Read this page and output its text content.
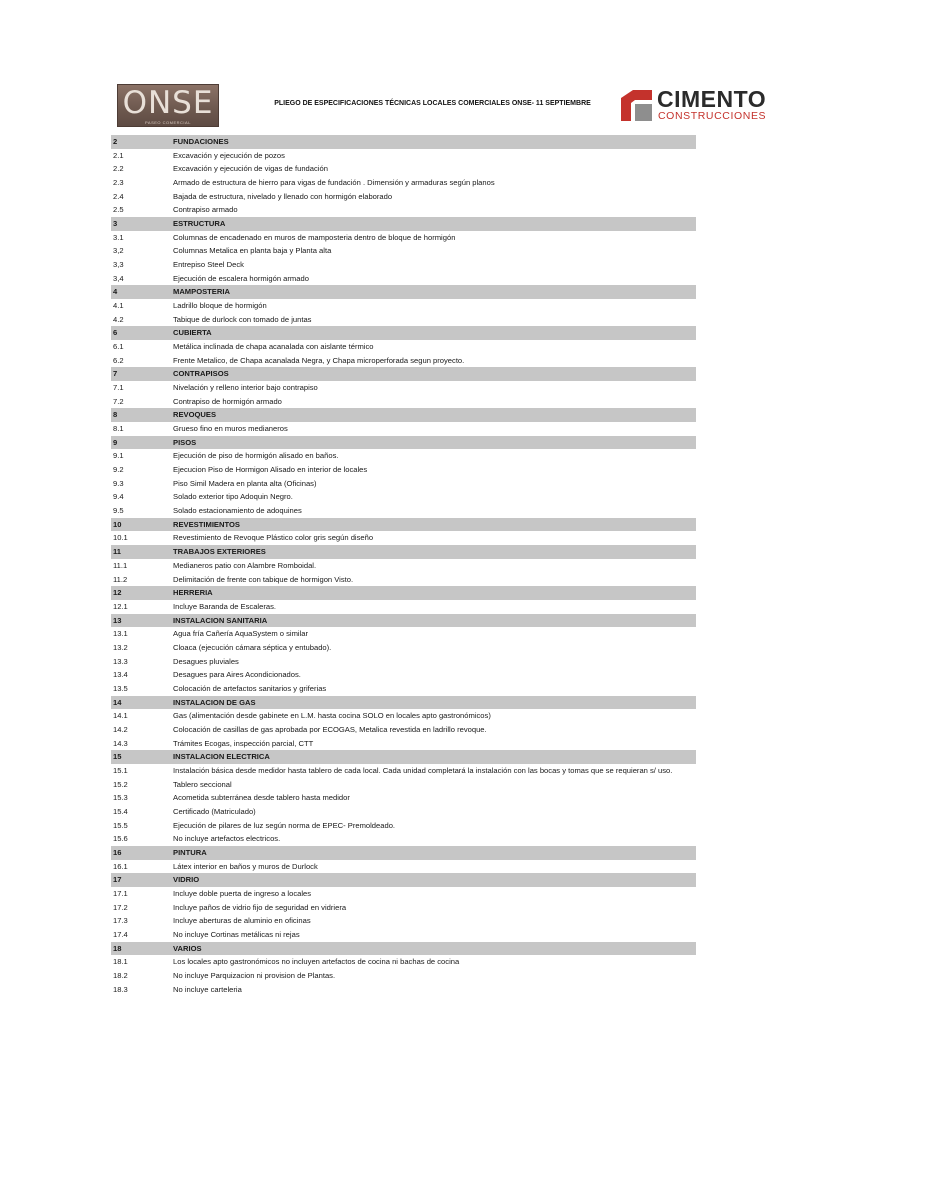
ONSE
PASEO COMERCIAL
PLIEGO DE ESPECIFICACIONES TÉCNICAS LOCALES COMERCIALES ONSE- 11 SEPTIEMBRE	CIMENTO
CONSTRUCCIONES
2	FUNDACIONES
2.1	Excavación y ejecución de pozos
2.2	Excavación y ejecución de vigas de fundación
2.3	Armado de estructura de hierro para vigas de fundación . Dimensión y armaduras según planos
2.4	Bajada de estructura, nivelado y llenado con hormigón elaborado
2.5	Contrapiso armado
3	ESTRUCTURA
3.1	Columnas de encadenado en muros de mamposteria dentro de bloque de hormigón
3,2	Columnas Metalica en planta baja y Planta alta
3,3	Entrepiso Steel Deck
3,4	Ejecución de escalera hormigón armado
4	MAMPOSTERIA
4.1	Ladrillo bloque de hormigón
4.2	Tabique de durlock con tomado de juntas
6	CUBIERTA
6.1	Metálica inclinada de chapa acanalada con aislante térmico
6.2	Frente Metalico, de Chapa acanalada Negra, y Chapa microperforada segun proyecto.
7	CONTRAPISOS
7.1	Nivelación y relleno interior bajo contrapiso
7.2	Contrapiso de hormigón armado
8	REVOQUES
8.1	Grueso fino en muros medianeros
9	PISOS
9.1	Ejecución de piso de hormigón alisado en baños.
9.2	Ejecucion Piso de Hormigon Alisado en interior de locales
9.3	Piso Simil Madera en planta alta (Oficinas)
9.4	Solado exterior tipo Adoquin Negro.
9.5	Solado estacionamiento de adoquines
10	REVESTIMIENTOS
10.1	Revestimiento de Revoque Plástico color gris según diseño
11	TRABAJOS EXTERIORES
11.1	Medianeros patio con Alambre Romboidal.
11.2	Delimitación de frente con tabique de hormigon Visto.
12	HERRERIA
12.1	Incluye Baranda de Escaleras.
13	INSTALACION SANITARIA
13.1	Agua fría Cañería AquaSystem o similar
13.2	Cloaca (ejecución cámara séptica y entubado).
13.3	Desagues pluviales
13.4	Desagues para Aires Acondicionados.
13.5	Colocación de artefactos sanitarios y griferias
14	INSTALACION DE GAS
14.1	Gas (alimentación desde gabinete en L.M. hasta cocina SOLO en locales apto gastronómicos)
14.2	Colocación de casillas de gas aprobada por ECOGAS, Metalica revestida en ladrillo revoque.
14.3	Trámites Ecogas, inspección parcial, CTT
15	INSTALACION ELECTRICA
15.1	Instalación básica desde medidor hasta tablero de cada local. Cada unidad completará la instalación con las bocas y tomas que se requieran s/ uso.
15.2	Tablero seccional
15.3	Acometida subterránea desde tablero hasta medidor
15.4	Certificado (Matriculado)
15.5	Ejecución de pilares de luz según norma de EPEC- Premoldeado.
15.6	No incluye artefactos electricos.
16	PINTURA
16.1	Látex interior en baños y muros de Durlock
17	VIDRIO
17.1	Incluye doble puerta de ingreso a locales
17.2	Incluye paños de vidrio fijo de seguridad en vidriera
17.3	Incluye aberturas de aluminio en oficinas
17.4	No incluye Cortinas metálicas ni rejas
18	VARIOS
18.1	Los locales apto gastronómicos no incluyen artefactos de cocina ni bachas de cocina
18.2	No incluye Parquizacion ni provision de Plantas.
18.3	No incluye carteleria
